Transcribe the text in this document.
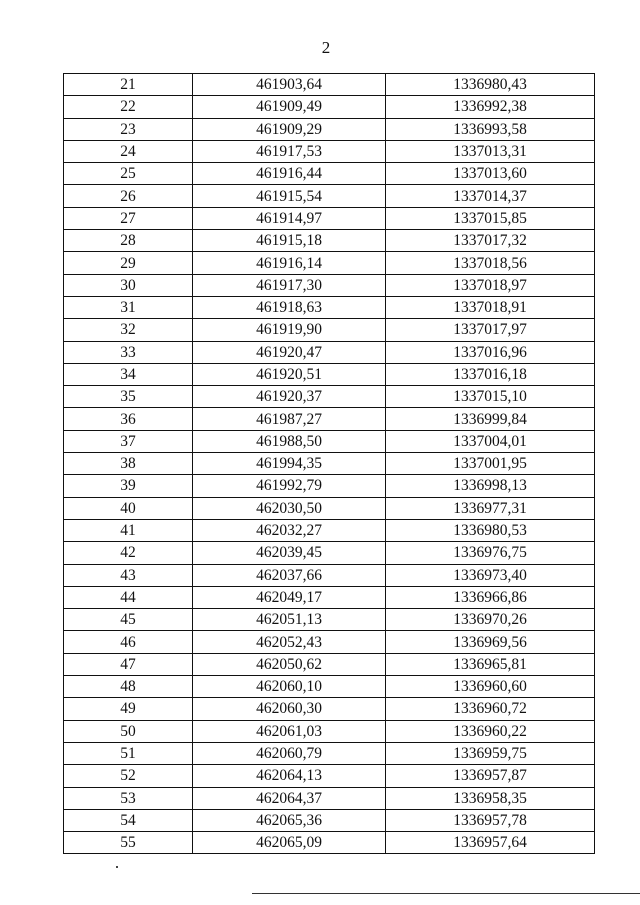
2
21	461903,64	1336980,43
22	461909,49	1336992,38
23	461909,29	1336993,58
24	461917,53	1337013,31
25	461916,44	1337013,60
26	461915,54	1337014,37
27	461914,97	1337015,85
28	461915,18	1337017,32
29	461916,14	1337018,56
30	461917,30	1337018,97
31	461918,63	1337018,91
32	461919,90	1337017,97
33	461920,47	1337016,96
34	461920,51	1337016,18
35	461920,37	1337015,10
36	461987,27	1336999,84
37	461988,50	1337004,01
38	461994,35	1337001,95
39	461992,79	1336998,13
40	462030,50	1336977,31
41	462032,27	1336980,53
42	462039,45	1336976,75
43	462037,66	1336973,40
44	462049,17	1336966,86
45	462051,13	1336970,26
46	462052,43	1336969,56
47	462050,62	1336965,81
48	462060,10	1336960,60
49	462060,30	1336960,72
50	462061,03	1336960,22
51	462060,79	1336959,75
52	462064,13	1336957,87
53	462064,37	1336958,35
54	462065,36	1336957,78
55	462065,09	1336957,64
